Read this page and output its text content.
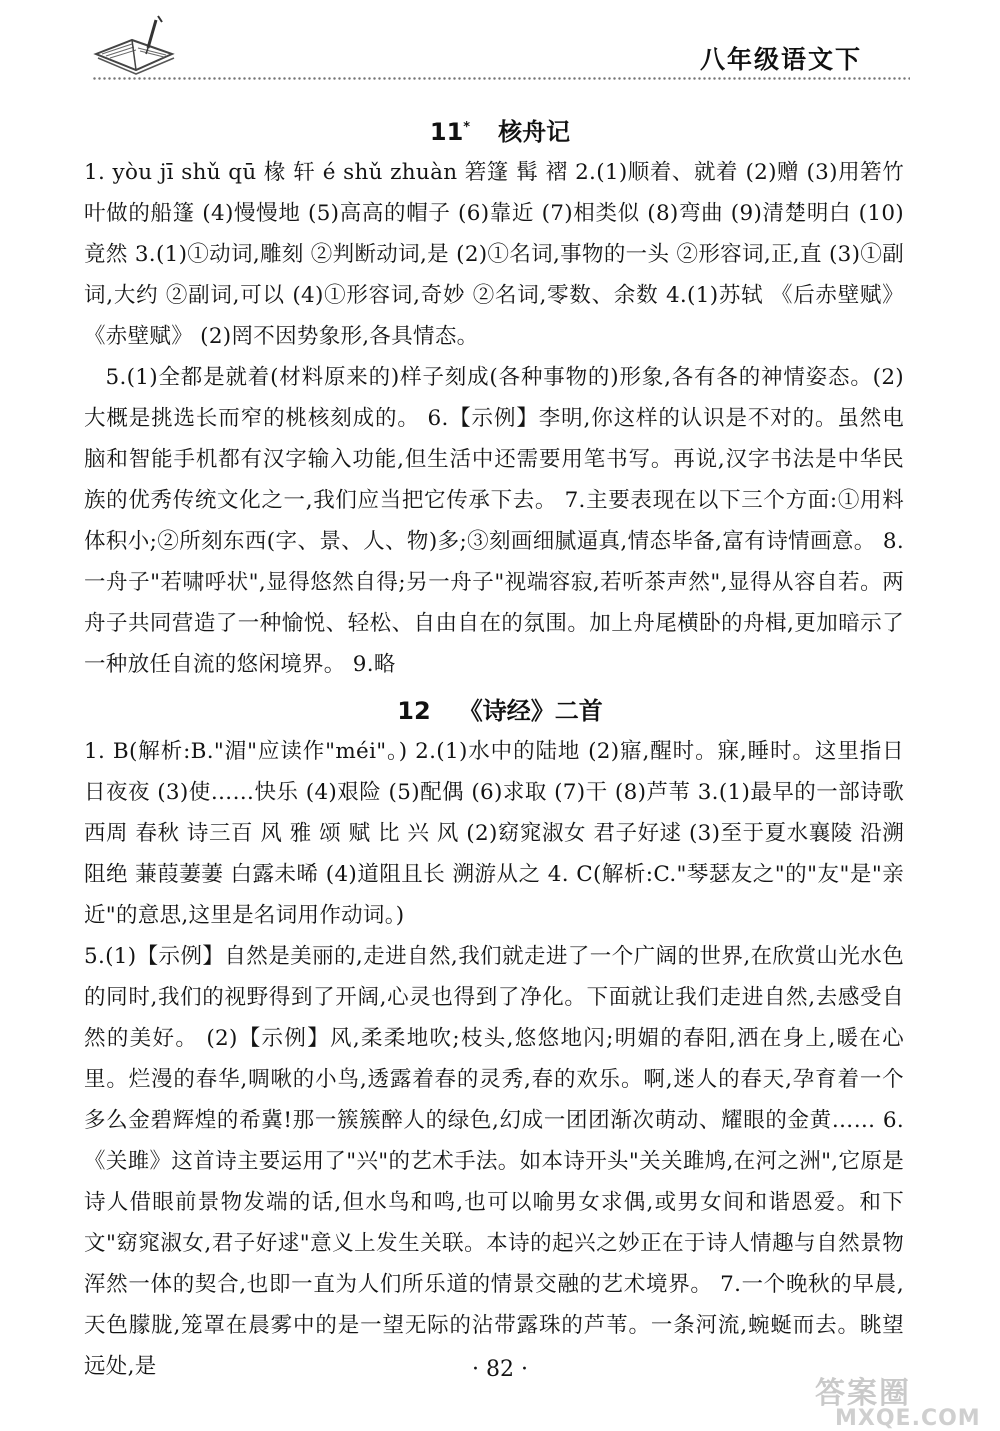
八年级语文下
11* 核舟记
1. yòu jī shǔ qū 椽 轩 é shǔ zhuàn 箬篷 髯 褶 2.(1)顺着、就着 (2)赠 (3)用箬竹叶做的船篷 (4)慢慢地 (5)高高的帽子 (6)靠近 (7)相类似 (8)弯曲 (9)清楚明白 (10)竟然 3.(1)①动词,雕刻 ②判断动词,是 (2)①名词,事物的一头 ②形容词,正,直 (3)①副词,大约 ②副词,可以 (4)①形容词,奇妙 ②名词,零数、余数 4.(1)苏轼 《后赤壁赋》《赤壁赋》 (2)罔不因势象形,各具情态。
5.(1)全都是就着(材料原来的)样子刻成(各种事物的)形象,各有各的神情姿态。(2)大概是挑选长而窄的桃核刻成的。 6.【示例】李明,你这样的认识是不对的。虽然电脑和智能手机都有汉字输入功能,但生活中还需要用笔书写。再说,汉字书法是中华民族的优秀传统文化之一,我们应当把它传承下去。 7.主要表现在以下三个方面:①用料体积小;②所刻东西(字、景、人、物)多;③刻画细腻逼真,情态毕备,富有诗情画意。 8.一舟子"若啸呼状",显得悠然自得;另一舟子"视端容寂,若听茶声然",显得从容自若。两舟子共同营造了一种愉悦、轻松、自由自在的氛围。加上舟尾横卧的舟楫,更加暗示了一种放任自流的悠闲境界。 9.略
12 《诗经》二首
1. B(解析:B."湄"应读作"méi"。) 2.(1)水中的陆地 (2)寤,醒时。寐,睡时。这里指日日夜夜 (3)使……快乐 (4)艰险 (5)配偶 (6)求取 (7)干 (8)芦苇 3.(1)最早的一部诗歌 西周 春秋 诗三百 风 雅 颂 赋 比 兴 风 (2)窈窕淑女 君子好逑 (3)至于夏水襄陵 沿溯阻绝 蒹葭萋萋 白露未晞 (4)道阻且长 溯游从之 4. C(解析:C."琴瑟友之"的"友"是"亲近"的意思,这里是名词用作动词。)
5.(1)【示例】自然是美丽的,走进自然,我们就走进了一个广阔的世界,在欣赏山光水色的同时,我们的视野得到了开阔,心灵也得到了净化。下面就让我们走进自然,去感受自然的美好。 (2)【示例】风,柔柔地吹;枝头,悠悠地闪;明媚的春阳,洒在身上,暖在心里。烂漫的春华,啁啾的小鸟,透露着春的灵秀,春的欢乐。啊,迷人的春天,孕育着一个多么金碧辉煌的希冀!那一簇簇醉人的绿色,幻成一团团渐次萌动、耀眼的金黄…… 6.《关雎》这首诗主要运用了"兴"的艺术手法。如本诗开头"关关雎鸠,在河之洲",它原是诗人借眼前景物发端的话,但水鸟和鸣,也可以喻男女求偶,或男女间和谐恩爱。和下文"窈窕淑女,君子好逑"意义上发生关联。本诗的起兴之妙正在于诗人情趣与自然景物浑然一体的契合,也即一直为人们所乐道的情景交融的艺术境界。 7.一个晚秋的早晨,天色朦胧,笼罩在晨雾中的是一望无际的沾带露珠的芦苇。一条河流,蜿蜒而去。眺望远处,是	· 82 ·
答案圈
MXQE.COM
